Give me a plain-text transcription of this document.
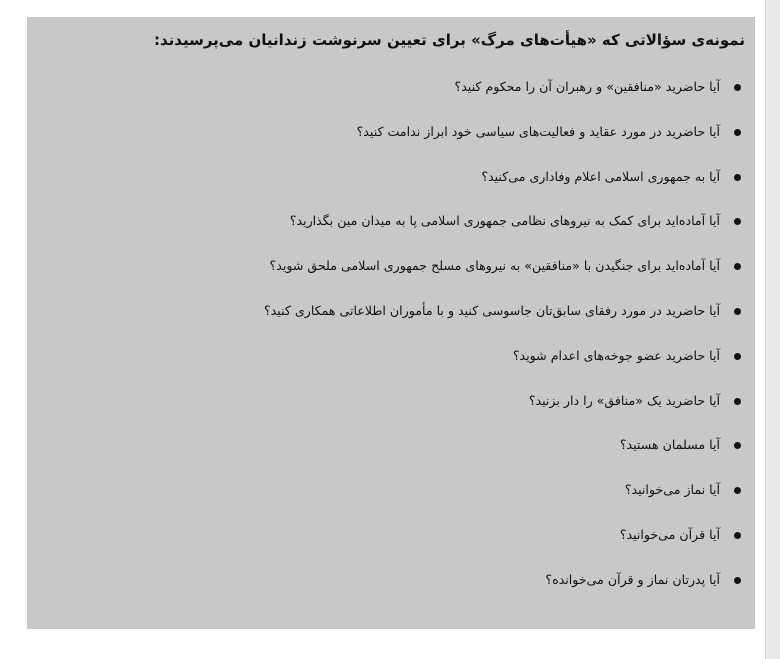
نمونه‌ی سؤالاتی که «هیأت‌های مرگ» برای تعیین سرنوشت زندانیان می‌پرسیدند:
آیا حاضرید «منافقین» و رهبران آن را محکوم کنید؟
آیا حاضرید در مورد عقاید و فعالیت‌های سیاسی خود ابراز ندامت کنید؟
آیا به جمهوری اسلامی اعلام وفاداری می‌کنید؟
آیا آماده‌اید برای کمک به نیروهای نظامی جمهوری اسلامی پا به میدان مین بگذارید؟
آیا آماده‌اید برای جنگیدن با «منافقین» به نیروهای مسلح جمهوری اسلامی ملحق شوید؟
آیا حاضرید در مورد رفقای سابق‌تان جاسوسی کنید و با مأموران اطلاعاتی همکاری کنید؟
آیا حاضرید عضو جوخه‌های اعدام شوید؟
آیا حاضرید یک «منافق» را دار بزنید؟
آیا مسلمان هستید؟
آیا نماز می‌خوانید؟
آیا قرآن می‌خوانید؟
آیا پدرتان نماز و قرآن می‌خوانده؟
